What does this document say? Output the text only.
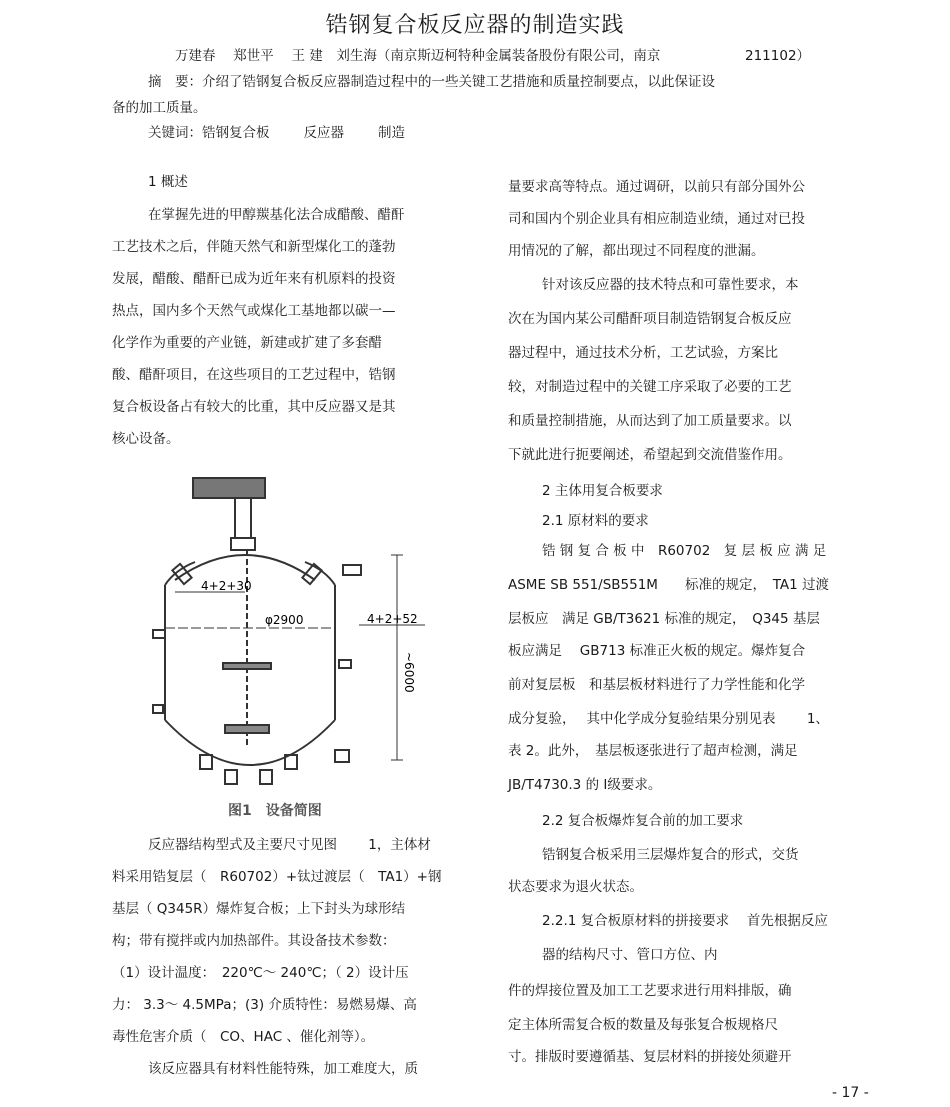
锆钢复合板反应器的制造实践
万建春　 郑世平　 王 建　刘生海（南京斯迈柯特种金属装备股份有限公司，南京	211102）
摘　要：介绍了锆钢复合板反应器制造过程中的一些关键工艺措施和质量控制要点，以此保证设
备的加工质量。
关键词：锆钢复合板	反应器	制造
1 概述
在掌握先进的甲醇羰基化法合成醋酸、醋酐
工艺技术之后，伴随天然气和新型煤化工的蓬勃
发展，醋酸、醋酐已成为近年来有机原料的投资
热点，国内多个天然气或煤化工基地都以碳一—
化学作为重要的产业链，新建或扩建了多套醋
酸、醋酐项目，在这些项目的工艺过程中，锆钢
复合板设备占有较大的比重，其中反应器又是其
核心设备。
4+2+30
φ2900	4+2+52
~6000
图1　设备简图
反应器结构型式及主要尺寸见图　　 1，主体材
料采用锆复层（　R60702）+钛过渡层（　TA1）+钢
基层（ Q345R）爆炸复合板；上下封头为球形结
构；带有搅拌或内加热部件。其设备技术参数：
（1）设计温度：　220℃～ 240℃；（ 2）设计压
力： 3.3～ 4.5MPa；(3) 介质特性：易燃易爆、高
毒性危害介质（　CO、HAC 、催化剂等）。
该反应器具有材料性能特殊，加工难度大，质
量要求高等特点。通过调研，以前只有部分国外公
司和国内个别企业具有相应制造业绩，通过对已投
用情况的了解，都出现过不同程度的泄漏。
针对该反应器的技术特点和可靠性要求，本
次在为国内某公司醋酐项目制造锆钢复合板反应
器过程中，通过技术分析，工艺试验，方案比
较，对制造过程中的关键工序采取了必要的工艺
和质量控制措施，从而达到了加工质量要求。以
下就此进行扼要阐述，希望起到交流借鉴作用。
2 主体用复合板要求
2.1 原材料的要求
锆 钢 复 合 板 中　R60702　复 层 板 应 满 足
ASME SB 551/SB551M　　标准的规定，　TA1 过渡
层板应　满足 GB/T3621 标准的规定，　Q345 基层
板应满足　 GB713 标准正火板的规定。爆炸复合
前对复层板　和基层板材料进行了力学性能和化学
成分复验，　 其中化学成分复验结果分别见表　　 1、
表 2。此外，　基层板逐张进行了超声检测，满足
JB/T4730.3 的 Ⅰ级要求。
2.2 复合板爆炸复合前的加工要求
锆钢复合板采用三层爆炸复合的形式，交货
状态要求为退火状态。
2.2.1 复合板原材料的拼接要求　 首先根据反应
器的结构尺寸、管口方位、内
件的焊接位置及加工工艺要求进行用料排版，确
定主体所需复合板的数量及每张复合板规格尺
寸。排版时要遵循基、复层材料的拼接处须避开
- 17 -
